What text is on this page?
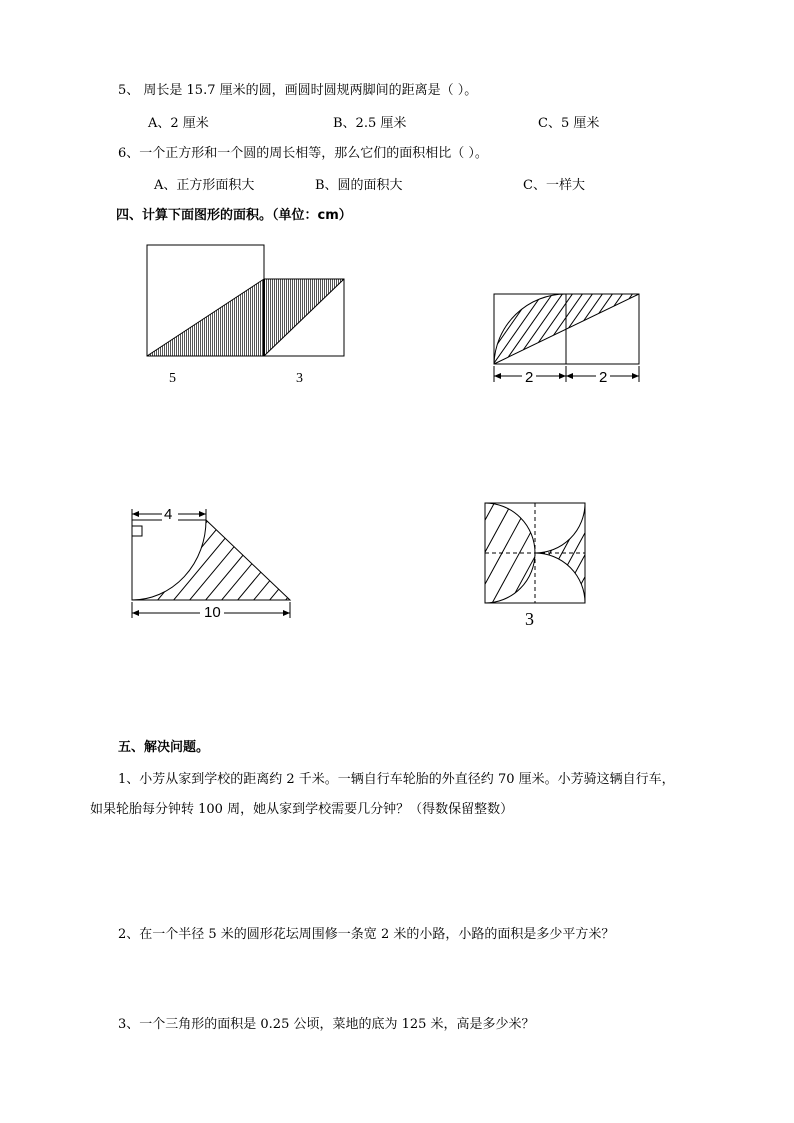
5、 周长是 15.7 厘米的圆，画圆时圆规两脚间的距离是（ ）。
A、2 厘米	B、2.5 厘米	C、5 厘米
6、一个正方形和一个圆的周长相等，那么它们的面积相比（ ）。
A、正方形面积大	B、圆的面积大	C、一样大
四、计算下面图形的面积。（单位：cm）
5	3	2	2
4
10	3
五、解决问题。
1、小芳从家到学校的距离约 2 千米。一辆自行车轮胎的外直径约 70 厘米。小芳骑这辆自行车，
如果轮胎每分钟转 100 周，她从家到学校需要几分钟？（得数保留整数）
2、在一个半径 5 米的圆形花坛周围修一条宽 2 米的小路，小路的面积是多少平方米？
3、一个三角形的面积是 0.25 公顷，菜地的底为 125 米，高是多少米？
